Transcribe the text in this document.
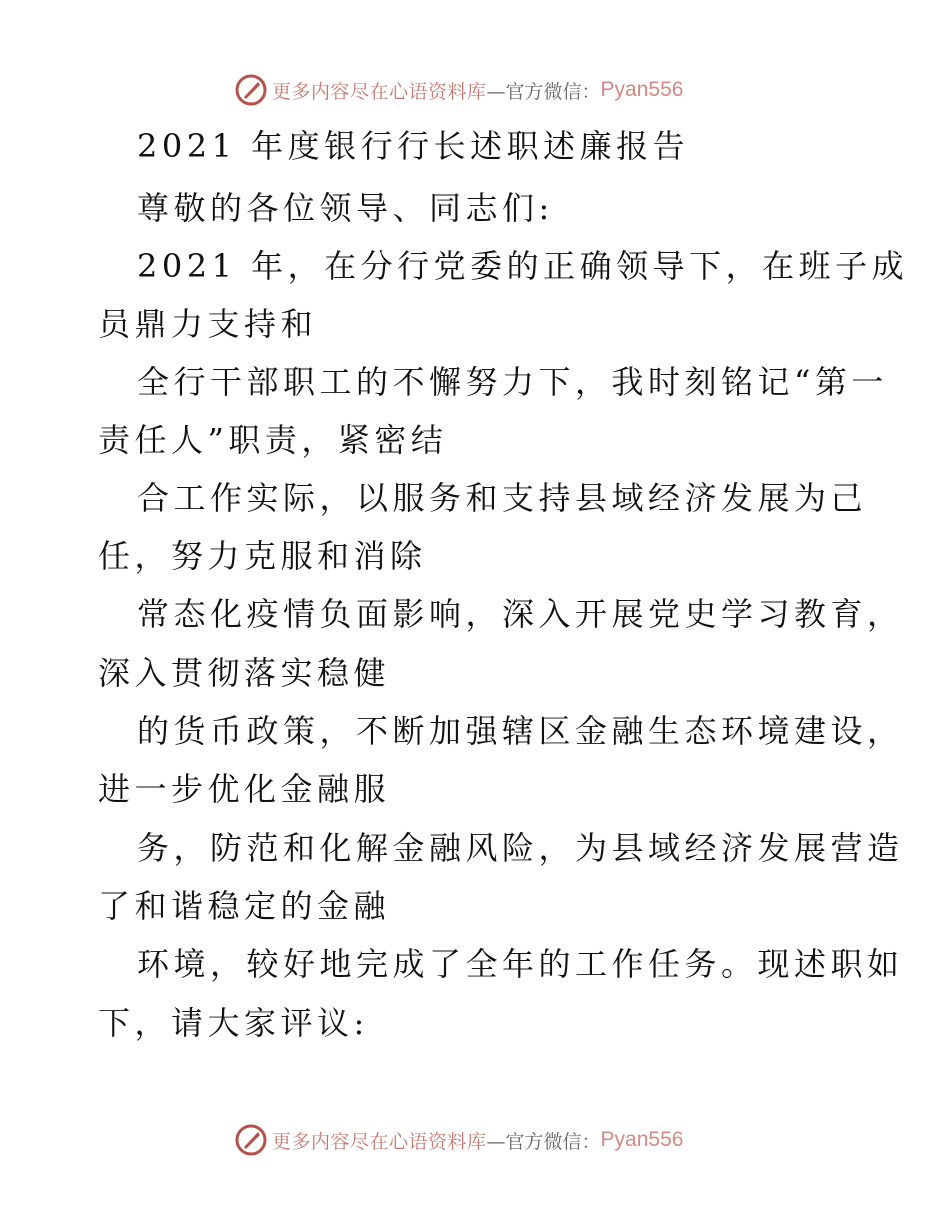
更多内容尽在心语资料库 —官方微信： Pyan556
2021 年度银行行长述职述廉报告
尊敬的各位领导、同志们:
2021 年，在分行党委的正确领导下，在班子成
员鼎力支持和
全行干部职工的不懈努力下，我时刻铭记“第一
责任人”职责，紧密结
合工作实际，以服务和支持县域经济发展为己
任，努力克服和消除
常态化疫情负面影响，深入开展党史学习教育，
深入贯彻落实稳健
的货币政策，不断加强辖区金融生态环境建设，
进一步优化金融服
务，防范和化解金融风险，为县域经济发展营造
了和谐稳定的金融
环境，较好地完成了全年的工作任务。现述职如
下，请大家评议:
更多内容尽在心语资料库 —官方微信： Pyan556
